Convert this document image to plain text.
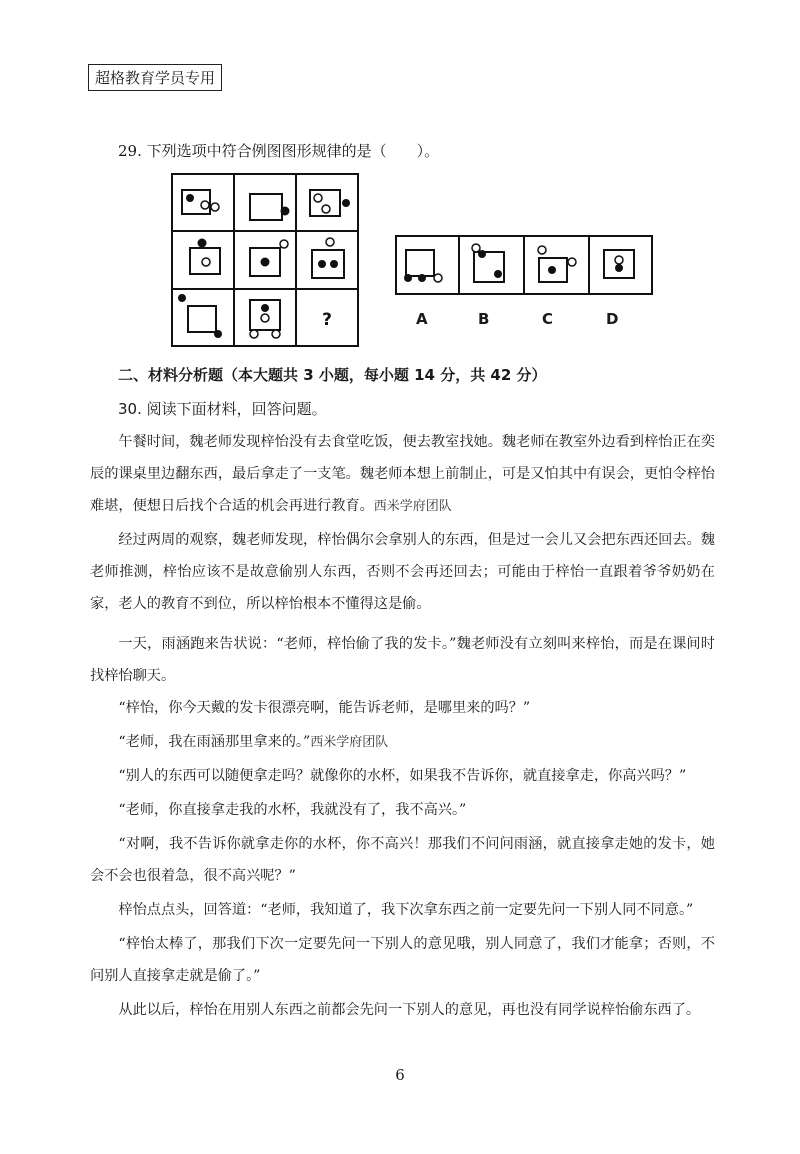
超格教育学员专用
29. 下列选项中符合例图图形规律的是（　　）。
?	A	B	C	D
二、材料分析题（本大题共 3 小题，每小题 14 分，共 42 分）
30. 阅读下面材料，回答问题。
午餐时间，魏老师发现梓怡没有去食堂吃饭，便去教室找她。魏老师在教室外边看到梓怡正在奕辰的课桌里边翻东西，最后拿走了一支笔。魏老师本想上前制止，可是又怕其中有误会，更怕令梓怡难堪，便想日后找个合适的机会再进行教育。西米学府团队
经过两周的观察，魏老师发现，梓怡偶尔会拿别人的东西，但是过一会儿又会把东西还回去。魏老师推测，梓怡应该不是故意偷别人东西，否则不会再还回去；可能由于梓怡一直跟着爷爷奶奶在家，老人的教育不到位，所以梓怡根本不懂得这是偷。
一天，雨涵跑来告状说：“老师，梓怡偷了我的发卡。”魏老师没有立刻叫来梓怡，而是在课间时找梓怡聊天。
“梓怡，你今天戴的发卡很漂亮啊，能告诉老师，是哪里来的吗？”
“老师，我在雨涵那里拿来的。”西米学府团队
“别人的东西可以随便拿走吗？就像你的水杯，如果我不告诉你，就直接拿走，你高兴吗？”
“老师，你直接拿走我的水杯，我就没有了，我不高兴。”
“对啊，我不告诉你就拿走你的水杯，你不高兴！那我们不问问雨涵，就直接拿走她的发卡，她会不会也很着急，很不高兴呢？”
梓怡点点头，回答道：“老师，我知道了，我下次拿东西之前一定要先问一下别人同不同意。”
“梓怡太棒了，那我们下次一定要先问一下别人的意见哦，别人同意了，我们才能拿；否则，不问别人直接拿走就是偷了。”
从此以后，梓怡在用别人东西之前都会先问一下别人的意见，再也没有同学说梓怡偷东西了。
6
